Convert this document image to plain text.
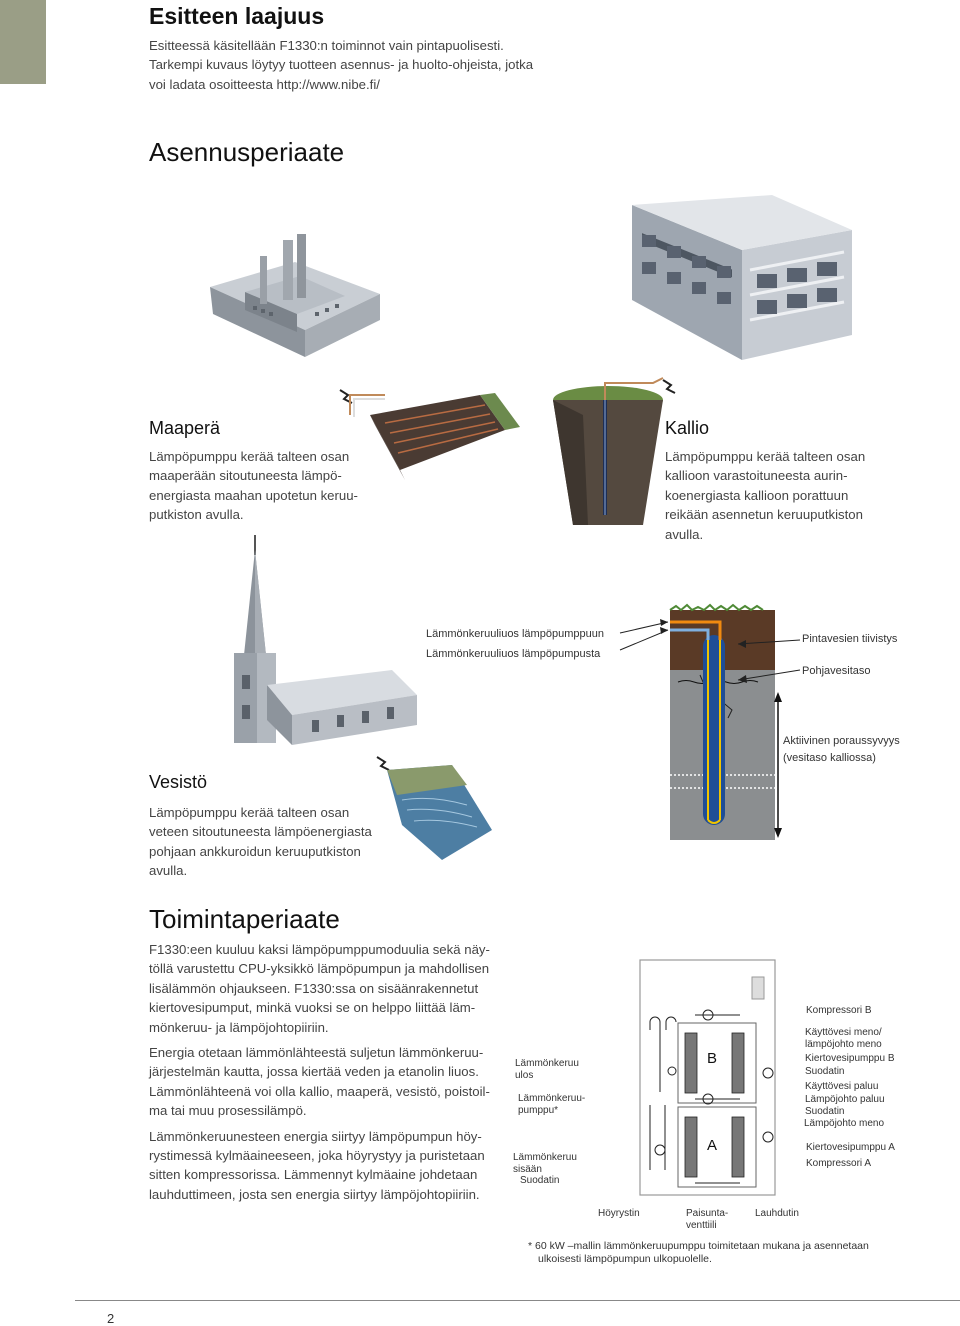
Esitteen laajuus

Esitteessä käsitellään F1330:n toiminnot vain pintapuolisesti.

Tarkempi kuvaus löytyy tuotteen asennus- ja huolto-ohjeista, jotka

voi ladata osoitteesta http://www.nibe.fi/

Asennusperiaate

Maaperä

Lämpöpumppu kerää talteen osan

maaperään sitoutuneesta lämpö-

energiasta maahan upotetun keruu-

putkiston avulla.

Kallio

Lämpöpumppu kerää talteen osan

kallioon varastoituneesta aurin-

koenergiasta kallioon porattuun

reikään asennetun keruuputkiston

avulla.

Vesistö

Lämpöpumppu kerää talteen osan

veteen sitoutuneesta lämpöenergiasta

pohjaan ankkuroidun keruuputkiston

avulla.

Lämmönkeruuliuos lämpöpumppuun
Lämmönkeruuliuos lämpöpumpusta
Pintavesien tiivistys
Pohjavesitaso
Aktiivinen poraussyvyys
(vesitaso kalliossa)
Toimintaperiaate

F1330:een kuuluu kaksi lämpöpumppumoduulia sekä näy-

töllä varustettu CPU-yksikkö lämpöpumpun ja mahdollisen

lisälämmön ohjaukseen. F1330:ssa on sisäänrakennetut

kiertovesipumput, minkä vuoksi se on helppo liittää läm-

mönkeruu- ja lämpöjohtopiiriin.

Energia otetaan lämmönlähteestä suljetun lämmönkeruu-

järjestelmän kautta, jossa kiertää veden ja etanolin liuos.

Lämmönlähteenä voi olla kallio, maaperä, vesistö, poistoil-

ma tai muu prosessilämpö.

Lämmönkeruunesteen energia siirtyy lämpöpumpun höy-

rystimessä kylmäaineeseen, joka höyrystyy ja puristetaan

sitten kompressorissa. Lämmennyt kylmäaine johdetaan

lauhduttimeen, josta sen energia siirtyy lämpöjohtopiiriin.

B
A
Lämmönkeruu
ulos
Lämmönkeruu-
pumppu*
Lämmönkeruu
sisään
Suodatin
Kompressori B
Käyttövesi meno/
lämpöjohto meno
Kiertovesipumppu B
Suodatin
Käyttövesi paluu
Lämpöjohto paluu
Suodatin
Lämpöjohto meno
Kiertovesipumppu A
Kompressori A
Höyrystin	Paisunta-
venttiili
Lauhdutin
* 60 kW –mallin lämmönkeruupumppu toimitetaan mukana ja asennetaan
ulkoisesti lämpöpumpun ulkopuolelle.
2
